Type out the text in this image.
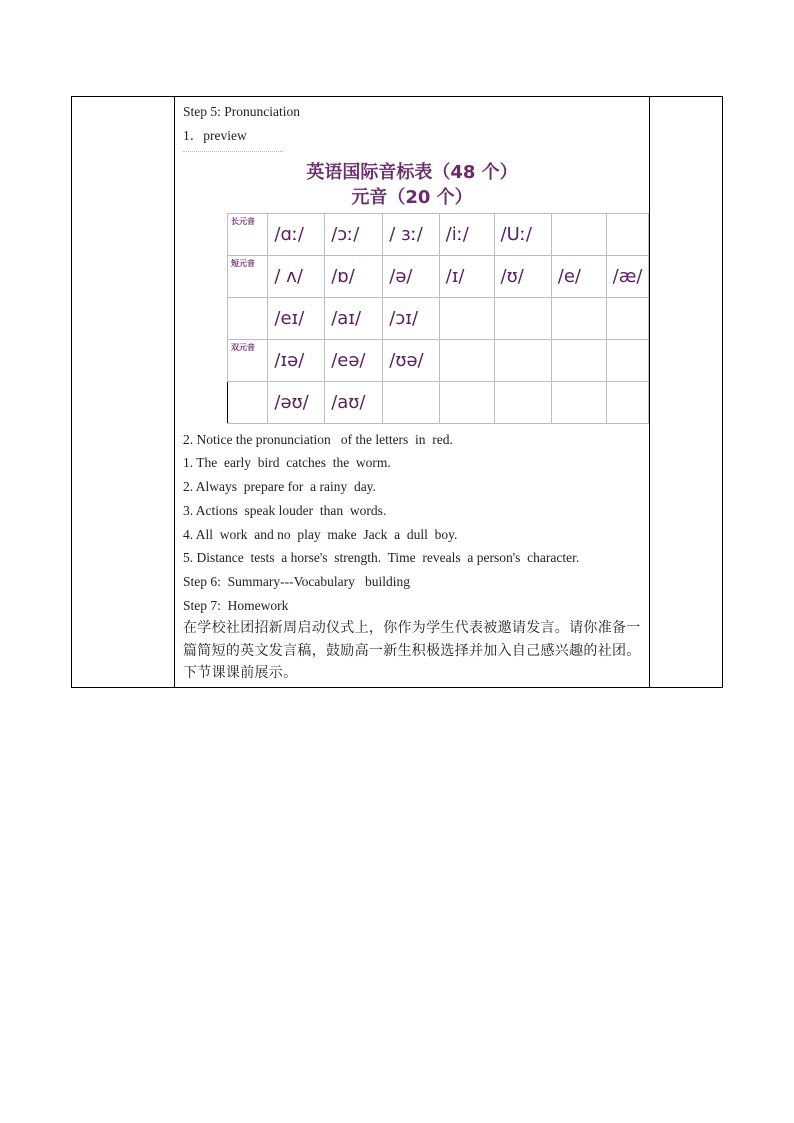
Step 5: Pronunciation
1．preview
英语国际音标表（48 个）
元音（20 个）
长元音	/ɑː/	/ɔː/	/ ɜː/	/iː/	/Uː/		
短元音	/ ʌ/	/ɒ/	/ə/	/ɪ/	/ʊ/	/e/	/æ/
	/eɪ/	/aɪ/	/ɔɪ/				
双元音	/ɪə/	/eə/	/ʊə/				
	/əʊ/	/aʊ/					
2. Notice the pronunciation   of the letters  in  red.
1. The  early  bird  catches  the  worm.
2. Always  prepare for  a rainy  day.
3. Actions  speak louder  than  words.
4. All  work  and no  play  make  Jack  a  dull  boy.
5. Distance  tests  a horse's  strength.  Time  reveals  a person's  character.
Step 6:  Summary---Vocabulary   building
Step 7:  Homework
在学校社团招新周启动仪式上，你作为学生代表被邀请发言。请你准备一篇简短的英文发言稿，鼓励高一新生积极选择并加入自己感兴趣的社团。下节课课前展示。
